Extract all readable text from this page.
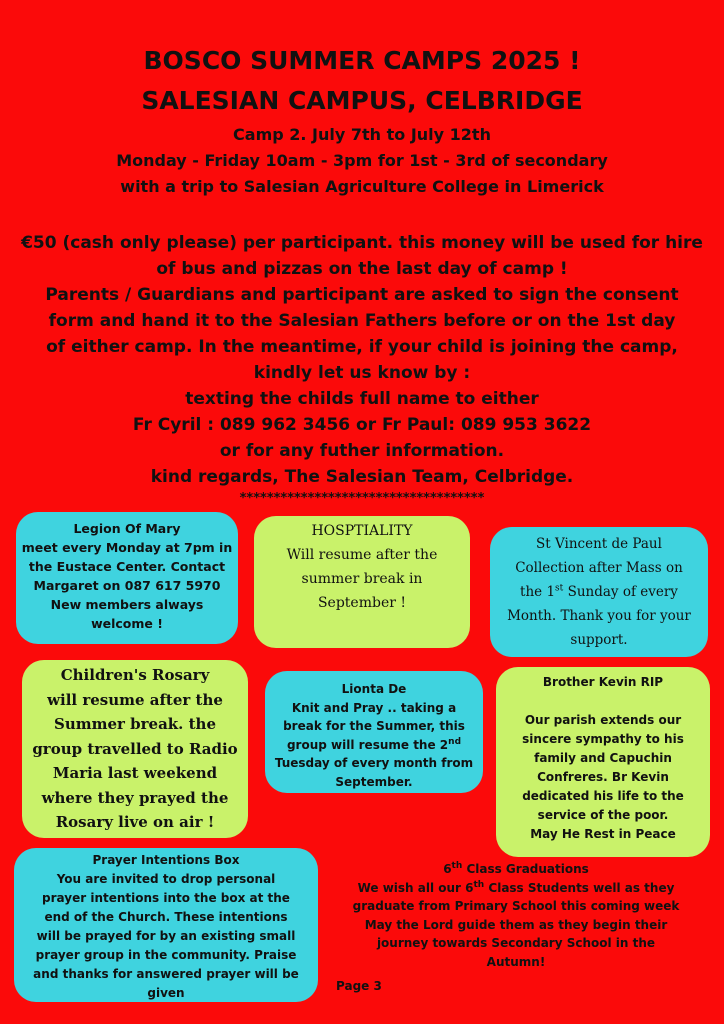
BOSCO SUMMER CAMPS 2025 !
SALESIAN CAMPUS, CELBRIDGE
Camp 2. July 7th to July 12th
Monday - Friday 10am - 3pm for 1st - 3rd of secondary
with a trip to Salesian Agriculture College in Limerick
€50 (cash only please) per participant. this money will be used for hire
of bus and pizzas on the last day of camp !
Parents / Guardians and participant are asked to sign the consent
form and hand it to the Salesian Fathers before or on the 1st day
of either camp. In the meantime, if your child is joining the camp,
kindly let us know by :
texting the childs full name to either
Fr Cyril : 089 962 3456 or Fr Paul: 089 953 3622
or for any futher information.
kind regards, The Salesian Team, Celbridge.
************************************
Legion Of Mary
meet every Monday at 7pm in
the Eustace Center. Contact
Margaret on 087 617 5970
New members always
welcome !
HOSPTIALITY
Will resume after the
summer break in
September !
St Vincent de Paul
Collection after Mass on
the 1st Sunday of every
Month. Thank you for your
support.
Children's Rosary
will resume after the
Summer break. the
group travelled to Radio
Maria last weekend
where they prayed the
Rosary live on air !
Lionta De
Knit and Pray .. taking a
break for the Summer, this
group will resume the 2nd
Tuesday of every month from
September.
Brother Kevin RIP
Our parish extends our
sincere sympathy to his
family and Capuchin
Confreres. Br Kevin
dedicated his life to the
service of the poor.
May He Rest in Peace
Prayer Intentions Box
You are invited to drop personal
prayer intentions into the box at the
end of the Church. These intentions
will be prayed for by an existing small
prayer group in the community. Praise
and thanks for answered prayer will be
given
6th Class Graduations
We wish all our 6th Class Students well as they
graduate from Primary School this coming week
May the Lord guide them as they begin their
journey towards Secondary School in the
Autumn!
Page 3
